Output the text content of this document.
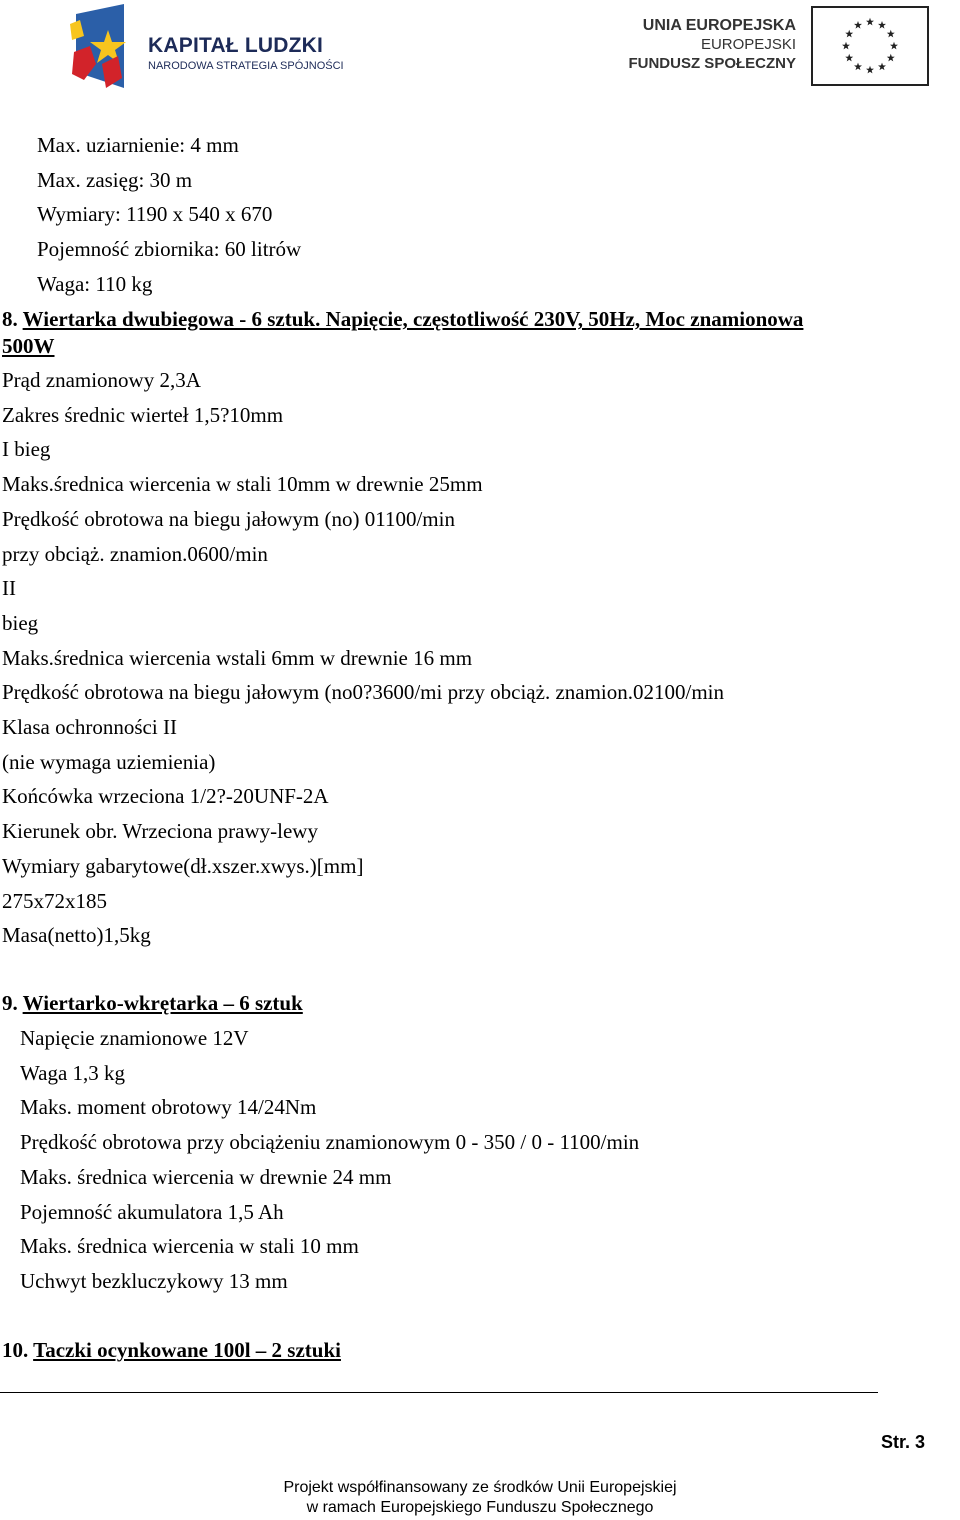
KAPITAŁ LUDZKI
NARODOWA STRATEGIA SPÓJNOŚCI
UNIA EUROPEJSKA
EUROPEJSKI
FUNDUSZ SPOŁECZNY
Max. uziarnienie: 4 mm
Max. zasięg: 30 m
Wymiary: 1190 x 540 x 670
Pojemność zbiornika: 60 litrów
Waga: 110 kg
8. Wiertarka dwubiegowa - 6 sztuk. Napięcie, częstotliwość 230V, 50Hz, Moc znamionowa
500W
Prąd znamionowy 2,3A
Zakres średnic wierteł 1,5?10mm
I bieg
Maks.średnica wiercenia w stali 10mm w drewnie 25mm
Prędkość obrotowa na biegu jałowym (no) 01100/min
przy obciąż. znamion.0600/min
II
bieg
Maks.średnica wiercenia wstali 6mm w drewnie 16 mm
Prędkość obrotowa na biegu jałowym (no0?3600/mi przy obciąż. znamion.02100/min
Klasa ochronności II
(nie wymaga uziemienia)
Końcówka wrzeciona 1/2?-20UNF-2A
Kierunek obr. Wrzeciona prawy-lewy
Wymiary gabarytowe(dł.xszer.xwys.)[mm]
275x72x185
Masa(netto)1,5kg
9. Wiertarko-wkrętarka – 6 sztuk
Napięcie znamionowe 12V
Waga 1,3 kg
Maks. moment obrotowy 14/24Nm
Prędkość obrotowa przy obciążeniu znamionowym 0 - 350 / 0 - 1100/min
Maks. średnica wiercenia w drewnie 24 mm
Pojemność akumulatora 1,5 Ah
Maks. średnica wiercenia w stali 10 mm
Uchwyt bezkluczykowy 13 mm
10. Taczki ocynkowane 100l – 2 sztuki
Str. 3
Projekt współfinansowany ze środków Unii Europejskiej
w ramach Europejskiego Funduszu Społecznego
